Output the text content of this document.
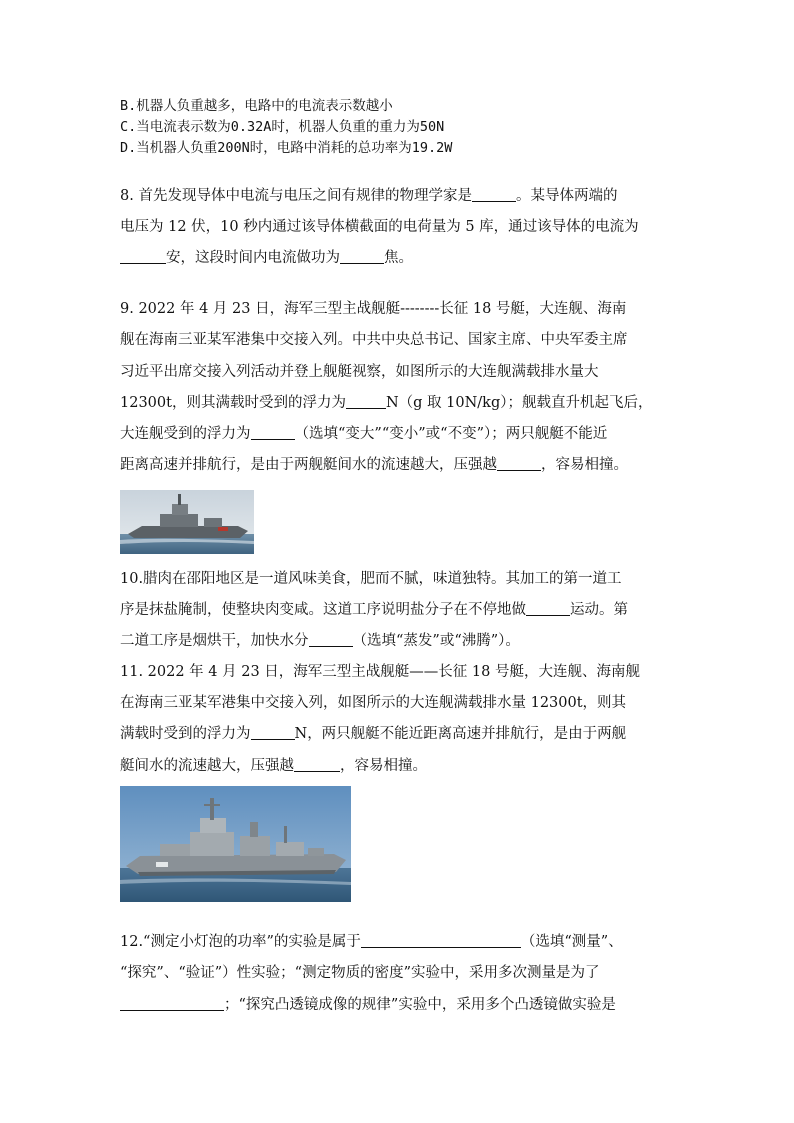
B.机器人负重越多，电路中的电流表示数越小
C.当电流表示数为0.32A时，机器人负重的重力为50N
D.当机器人负重200N时，电路中消耗的总功率为19.2W
8. 首先发现导体中电流与电压之间有规律的物理学家是	。某导体两端的
电压为 12 伏，10 秒内通过该导体横截面的电荷量为 5 库，通过该导体的电流为
安，这段时间内电流做功为	焦。
9. 2022 年 4 月 23 日，海军三型主战舰艇--------长征 18 号艇，大连舰、海南
舰在海南三亚某军港集中交接入列。中共中央总书记、国家主席、中央军委主席
习近平出席交接入列活动并登上舰艇视察，如图所示的大连舰满载排水量大
12300t，则其满载时受到的浮力为	N（g 取 10N/kg）；舰载直升机起飞后，
大连舰受到的浮力为	（选填“变大”“变小”或“不变”）；两只舰艇不能近
距离高速并排航行，是由于两舰艇间水的流速越大，压强越	，容易相撞。
10.腊肉在邵阳地区是一道风味美食，肥而不腻，味道独特。其加工的第一道工
序是抹盐腌制，使整块肉变咸。这道工序说明盐分子在不停地做	运动。第
二道工序是烟烘干，加快水分	（选填“蒸发”或“沸腾”）。
11. 2022 年 4 月 23 日，海军三型主战舰艇——长征 18 号艇，大连舰、海南舰
在海南三亚某军港集中交接入列，如图所示的大连舰满载排水量 12300t，则其
满载时受到的浮力为	N，两只舰艇不能近距离高速并排航行，是由于两舰
艇间水的流速越大，压强越	，容易相撞。
12.“测定小灯泡的功率”的实验是属于	（选填“测量”、
“探究”、“验证”）性实验；“测定物质的密度”实验中，采用多次测量是为了
；“探究凸透镜成像的规律”实验中，采用多个凸透镜做实验是
